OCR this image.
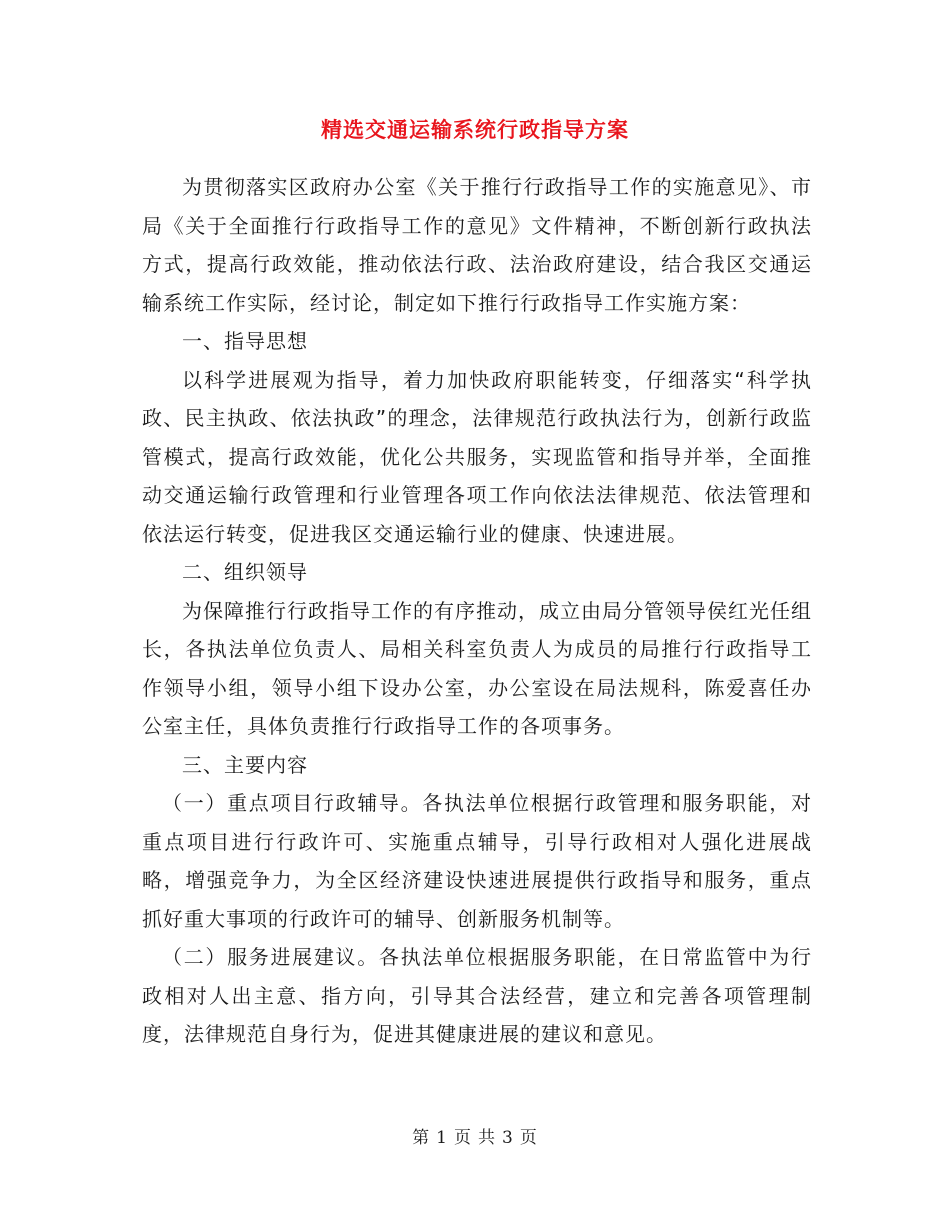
精选交通运输系统行政指导方案

为贯彻落实区政府办公室《关于推行行政指导工作的实施意见》、市局《关于全面推行行政指导工作的意见》文件精神，不断创新行政执法方式，提高行政效能，推动依法行政、法治政府建设，结合我区交通运输系统工作实际，经讨论，制定如下推行行政指导工作实施方案：

一、指导思想

以科学进展观为指导，着力加快政府职能转变，仔细落实“科学执政、民主执政、依法执政”的理念，法律规范行政执法行为，创新行政监管模式，提高行政效能，优化公共服务，实现监管和指导并举，全面推动交通运输行政管理和行业管理各项工作向依法法律规范、依法管理和依法运行转变，促进我区交通运输行业的健康、快速进展。

二、组织领导

为保障推行行政指导工作的有序推动，成立由局分管领导侯红光任组长，各执法单位负责人、局相关科室负责人为成员的局推行行政指导工作领导小组，领导小组下设办公室，办公室设在局法规科，陈爱喜任办公室主任，具体负责推行行政指导工作的各项事务。

三、主要内容

（一）重点项目行政辅导。各执法单位根据行政管理和服务职能，对重点项目进行行政许可、实施重点辅导，引导行政相对人强化进展战略，增强竞争力，为全区经济建设快速进展提供行政指导和服务，重点抓好重大事项的行政许可的辅导、创新服务机制等。

（二）服务进展建议。各执法单位根据服务职能，在日常监管中为行政相对人出主意、指方向，引导其合法经营，建立和完善各项管理制度，法律规范自身行为，促进其健康进展的建议和意见。

第 1 页 共 3 页
